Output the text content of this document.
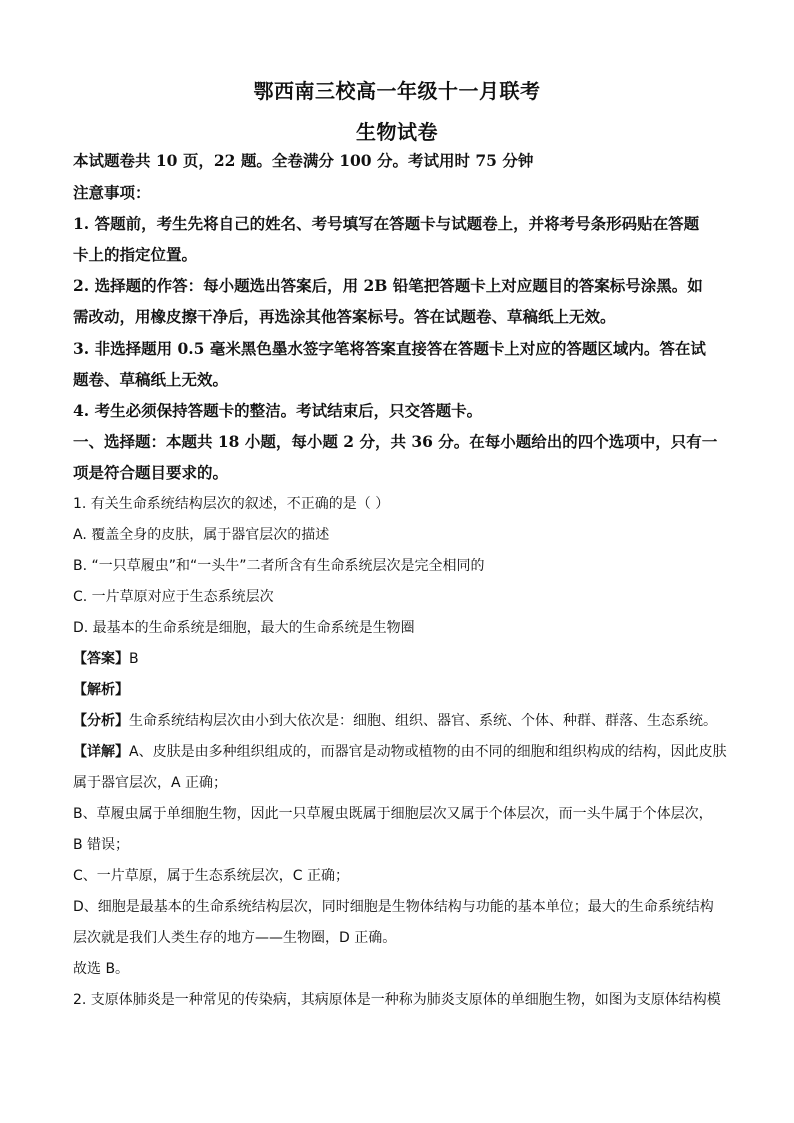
鄂西南三校高一年级十一月联考
生物试卷
本试题卷共 10 页，22 题。全卷满分 100 分。考试用时 75 分钟
注意事项：
1. 答题前，考生先将自己的姓名、考号填写在答题卡与试题卷上，并将考号条形码贴在答题
卡上的指定位置。
2. 选择题的作答：每小题选出答案后，用 2B 铅笔把答题卡上对应题目的答案标号涂黑。如
需改动，用橡皮擦干净后，再选涂其他答案标号。答在试题卷、草稿纸上无效。
3. 非选择题用 0.5 毫米黑色墨水签字笔将答案直接答在答题卡上对应的答题区域内。答在试
题卷、草稿纸上无效。
4. 考生必须保持答题卡的整洁。考试结束后，只交答题卡。
一、选择题：本题共 18 小题，每小题 2 分，共 36 分。在每小题给出的四个选项中，只有一
项是符合题目要求的。
1. 有关生命系统结构层次的叙述，不正确的是（ ）
A. 覆盖全身的皮肤，属于器官层次的描述
B. “一只草履虫”和“一头牛”二者所含有生命系统层次是完全相同的
C. 一片草原对应于生态系统层次
D. 最基本的生命系统是细胞，最大的生命系统是生物圈
【答案】B
【解析】
【分析】生命系统结构层次由小到大依次是：细胞、组织、器官、系统、个体、种群、群落、生态系统。
【详解】A、皮肤是由多种组织组成的，而器官是动物或植物的由不同的细胞和组织构成的结构，因此皮肤
属于器官层次，A 正确；
B、草履虫属于单细胞生物，因此一只草履虫既属于细胞层次又属于个体层次，而一头牛属于个体层次，
B 错误；
C、一片草原，属于生态系统层次，C 正确；
D、细胞是最基本的生命系统结构层次，同时细胞是生物体结构与功能的基本单位；最大的生命系统结构
层次就是我们人类生存的地方——生物圈，D 正确。
故选 B。
2. 支原体肺炎是一种常见的传染病，其病原体是一种称为肺炎支原体的单细胞生物，如图为支原体结构模
